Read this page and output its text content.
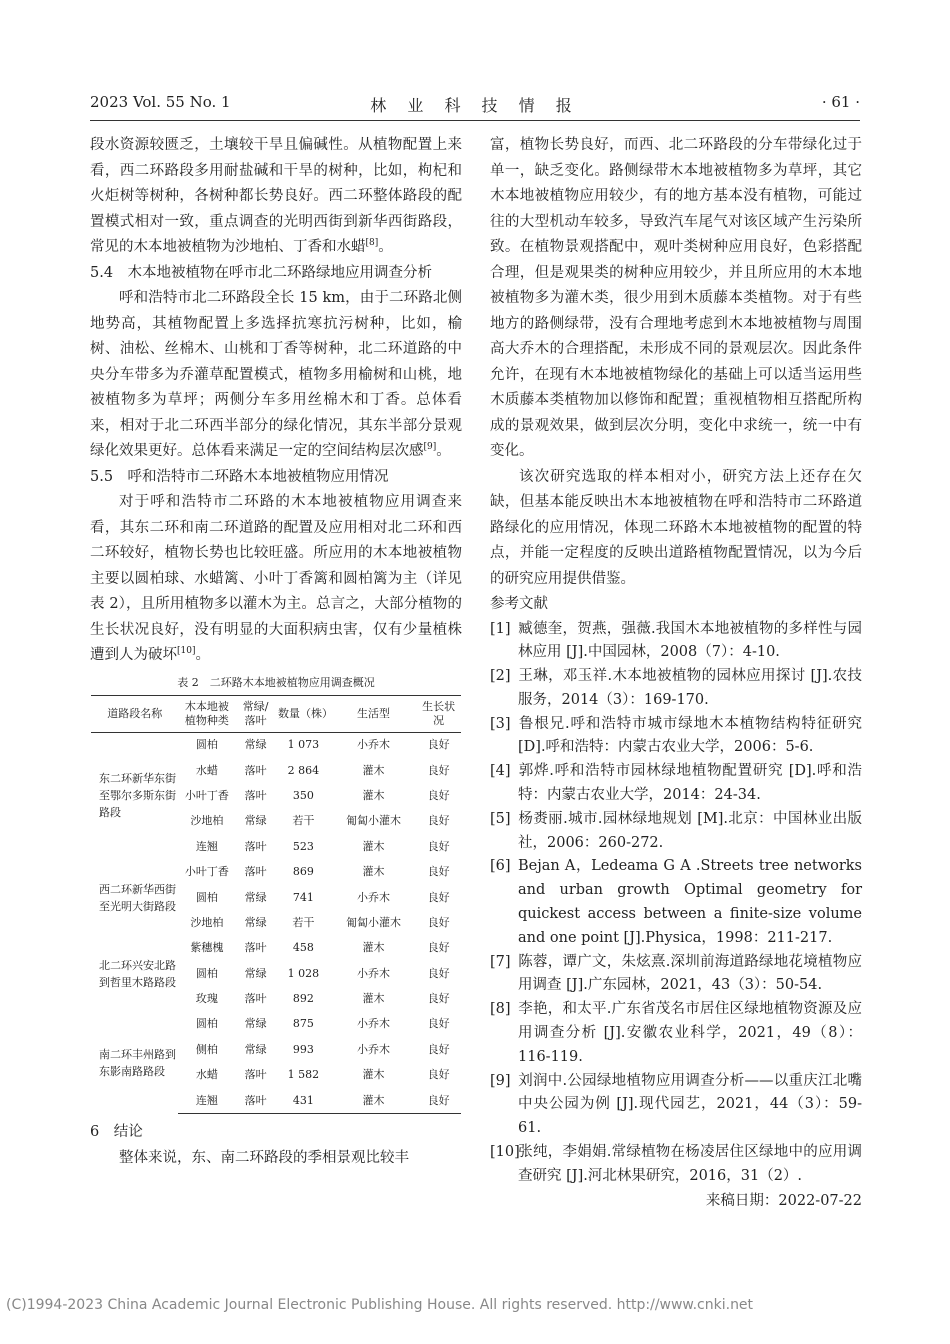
2023 Vol. 55 No. 1	林 业 科 技 情 报	· 61 ·

段水资源较匮乏，土壤较干旱且偏碱性。从植物配置上来看，西二环路段多用耐盐碱和干旱的树种，比如，枸杞和火炬树等树种，各树种都长势良好。西二环整体路段的配置模式相对一致，重点调查的光明西街到新华西街路段，常见的木本地被植物为沙地柏、丁香和水蜡[8]。

5.4　木本地被植物在呼市北二环路绿地应用调查分析

呼和浩特市北二环路段全长 15 km，由于二环路北侧地势高，其植物配置上多选择抗寒抗污树种，比如，榆树、油松、丝棉木、山桃和丁香等树种，北二环道路的中央分车带多为乔灌草配置模式，植物多用榆树和山桃，地被植物多为草坪；两侧分车多用丝棉木和丁香。总体看来，相对于北二环西半部分的绿化情况，其东半部分景观绿化效果更好。总体看来满足一定的空间结构层次感[9]。

5.5　呼和浩特市二环路木本地被植物应用情况

对于呼和浩特市二环路的木本地被植物应用调查来看，其东二环和南二环道路的配置及应用相对北二环和西二环较好，植物长势也比较旺盛。所应用的木本地被植物主要以圆柏球、水蜡篱、小叶丁香篱和圆柏篱为主（详见表 2），且所用植物多以灌木为主。总言之，大部分植物的生长状况良好，没有明显的大面积病虫害，仅有少量植株遭到人为破坏[10]。

表 2　二环路木本地被植物应用调查概况
道路段名称	木本地被植物种类	常绿/落叶	数量（株）	生活型	生长状况
东二环新华东街至鄂尔多斯东街路段	圆柏	常绿	1 073	小乔木	良好
	水蜡	落叶	2 864	灌木	良好
	小叶丁香	落叶	350	灌木	良好
	沙地柏	常绿	若干	匍匐小灌木	良好
	连翘	落叶	523	灌木	良好
西二环新华西街至光明大街路段	小叶丁香	落叶	869	灌木	良好
	圆柏	常绿	741	小乔木	良好
	沙地柏	常绿	若干	匍匐小灌木	良好
北二环兴安北路到哲里木路路段	紫穗槐	落叶	458	灌木	良好
	圆柏	常绿	1 028	小乔木	良好
	玫瑰	落叶	892	灌木	良好
南二环丰州路到东影南路路段	圆柏	常绿	875	小乔木	良好
	侧柏	常绿	993	小乔木	良好
	水蜡	落叶	1 582	灌木	良好
	连翘	落叶	431	灌木	良好

6　结论

整体来说，东、南二环路段的季相景观比较丰

富，植物长势良好，而西、北二环路段的分车带绿化过于单一，缺乏变化。路侧绿带木本地被植物多为草坪，其它木本地被植物应用较少，有的地方基本没有植物，可能过往的大型机动车较多，导致汽车尾气对该区域产生污染所致。在植物景观搭配中，观叶类树种应用良好，色彩搭配合理，但是观果类的树种应用较少，并且所应用的木本地被植物多为灌木类，很少用到木质藤本类植物。对于有些地方的路侧绿带，没有合理地考虑到木本地被植物与周围高大乔木的合理搭配，未形成不同的景观层次。因此条件允许，在现有木本地被植物绿化的基础上可以适当运用些木质藤本类植物加以修饰和配置；重视植物相互搭配所构成的景观效果，做到层次分明，变化中求统一，统一中有变化。

该次研究选取的样本相对小，研究方法上还存在欠缺，但基本能反映出木本地被植物在呼和浩特市二环路道路绿化的应用情况，体现二环路木本地被植物的配置的特点，并能一定程度的反映出道路植物配置情况，以为今后的研究应用提供借鉴。

参考文献

[1] 臧德奎，贺燕，强薇.我国木本地被植物的多样性与园林应用 [J].中国园林，2008（7）：4-10.

[2] 王琳，邓玉祥.木本地被植物的园林应用探讨 [J].农技服务，2014（3）：169-170.

[3] 鲁根兄.呼和浩特市城市绿地木本植物结构特征研究 [D].呼和浩特：内蒙古农业大学，2006：5-6.

[4] 郭烨.呼和浩特市园林绿地植物配置研究 [D].呼和浩特：内蒙古农业大学，2014：24-34.

[5] 杨赉丽.城市.园林绿地规划 [M].北京：中国林业出版社，2006：260-272.

[6] Bejan A，Ledeama G A .Streets tree networks and urban growth Optimal geometry for quickest access between a finite-size volume and one point [J].Physica，1998：211-217.

[7] 陈蓉，谭广文，朱炫熹.深圳前海道路绿地花境植物应用调查 [J].广东园林，2021，43（3）：50-54.

[8] 李艳，和太平.广东省茂名市居住区绿地植物资源及应用调查分析 [J].安徽农业科学，2021，49（8）：116-119.

[9] 刘润中.公园绿地植物应用调查分析——以重庆江北嘴中央公园为例 [J].现代园艺，2021，44（3）：59-61.

[10]张纯，李娟娟.常绿植物在杨凌居住区绿地中的应用调查研究 [J].河北林果研究，2016，31（2）.

来稿日期：2022-07-22

(C)1994-2023 China Academic Journal Electronic Publishing House. All rights reserved. http://www.cnki.net
